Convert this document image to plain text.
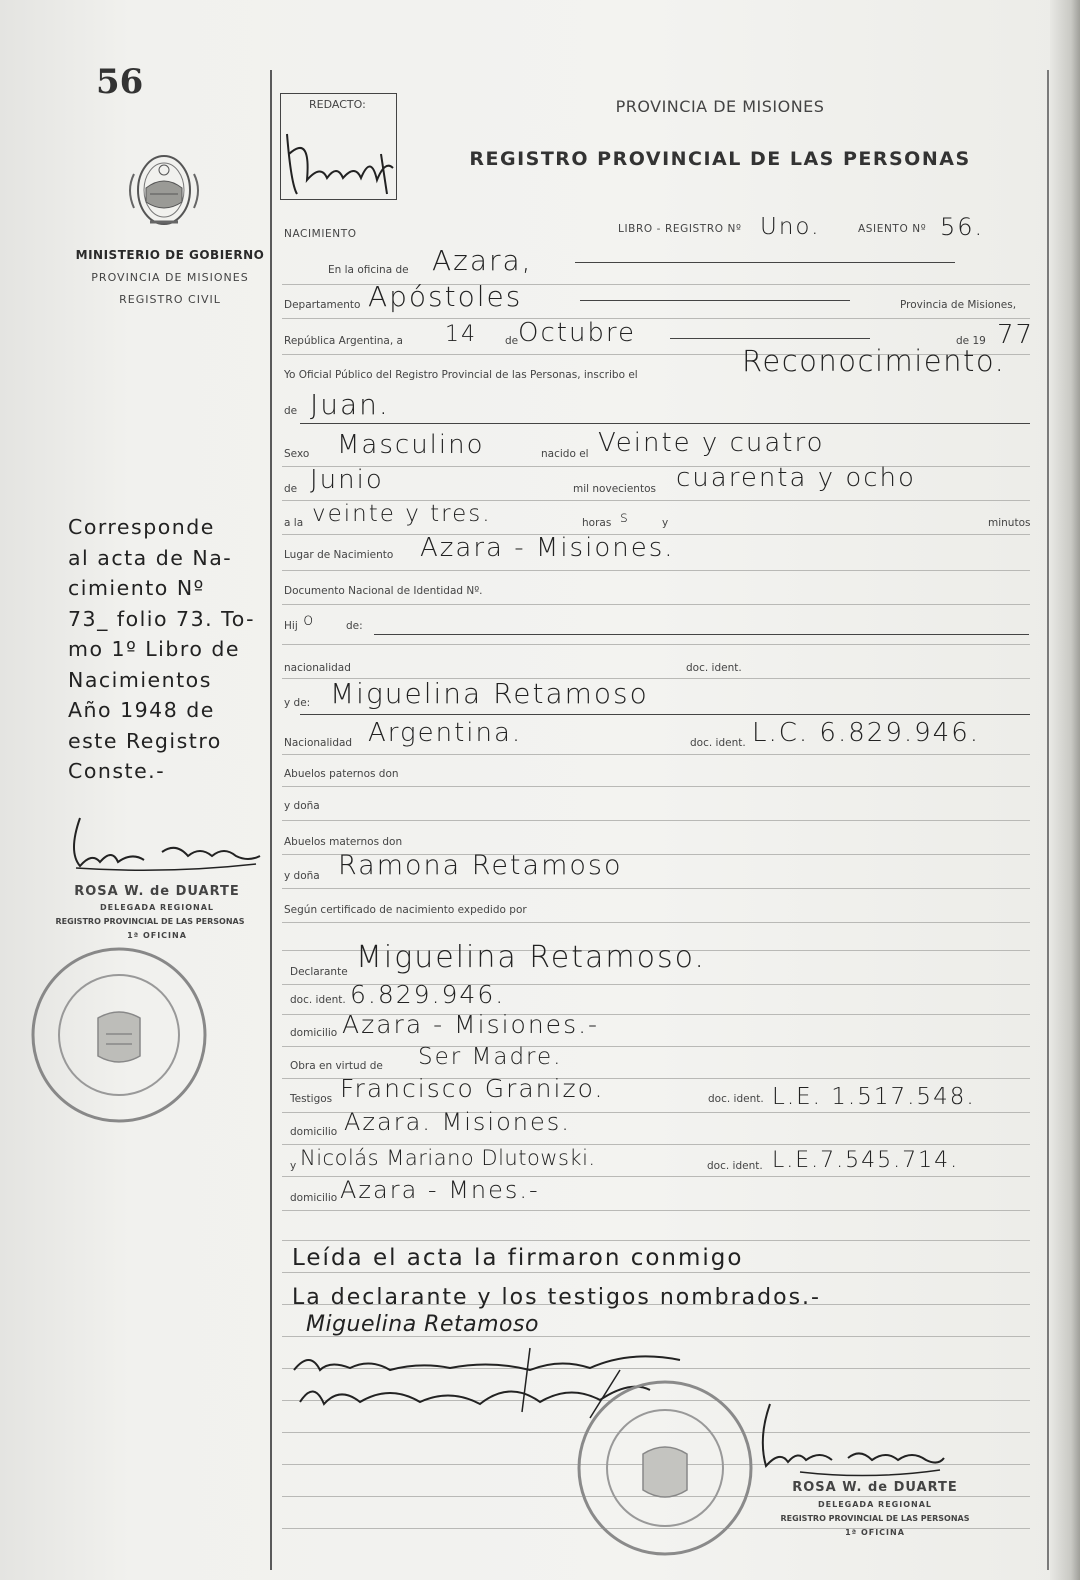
56
MINISTERIO DE GOBIERNO
PROVINCIA DE MISIONES
REGISTRO CIVIL
REDACTO:	PROVINCIA DE MISIONES
REGISTRO PROVINCIAL DE LAS PERSONAS
NACIMIENTO	LIBRO - REGISTRO Nº Uno.	ASIENTO Nº 56.
En la oficina de Azara,
Departamento Apóstoles	Provincia de Misiones,
República Argentina, a 14	de Octubre	de 19 77
Yo Oficial Público del Registro Provincial de las Personas, inscribo el	Reconocimiento.
de Juan.
Sexo Masculino	nacido el Veinte y cuatro
de Junio	mil novecientos cuarenta y ocho
a la veinte y tres.	horas s	y	minutos
Lugar de Nacimiento Azara - Misiones.
Documento Nacional de Identidad Nº.
Hij o	de:
nacionalidad	doc. ident.
y de: Miguelina Retamoso
Nacionalidad Argentina.	doc. ident. L.C. 6.829.946.
Abuelos paternos don
y doña
Abuelos maternos don
y doña Ramona Retamoso
Según certificado de nacimiento expedido por
Declarante Miguelina Retamoso.
doc. ident. 6.829.946.
domicilio Azara - Misiones.-
Obra en virtud de Ser Madre.
Testigos Francisco Granizo.	doc. ident. L.E. 1.517.548.
domicilio Azara. Misiones.
y Nicolás Mariano Dlutowski.	doc. ident. L.E.7.545.714.
domicilio Azara - Mnes.-
Leída el acta la firmaron conmigo
La declarante y los testigos nombrados.-
Miguelina Retamoso
Corresponde
al acta de Na-
cimiento Nº
73_ folio 73. To-
mo 1º Libro de
Nacimientos
Año 1948 de
este Registro
Conste.-
ROSA W. de DUARTE
DELEGADA REGIONAL
REGISTRO PROVINCIAL DE LAS PERSONAS
1ª OFICINA
ROSA W. de DUARTE
DELEGADA REGIONAL
REGISTRO PROVINCIAL DE LAS PERSONAS
1ª OFICINA
